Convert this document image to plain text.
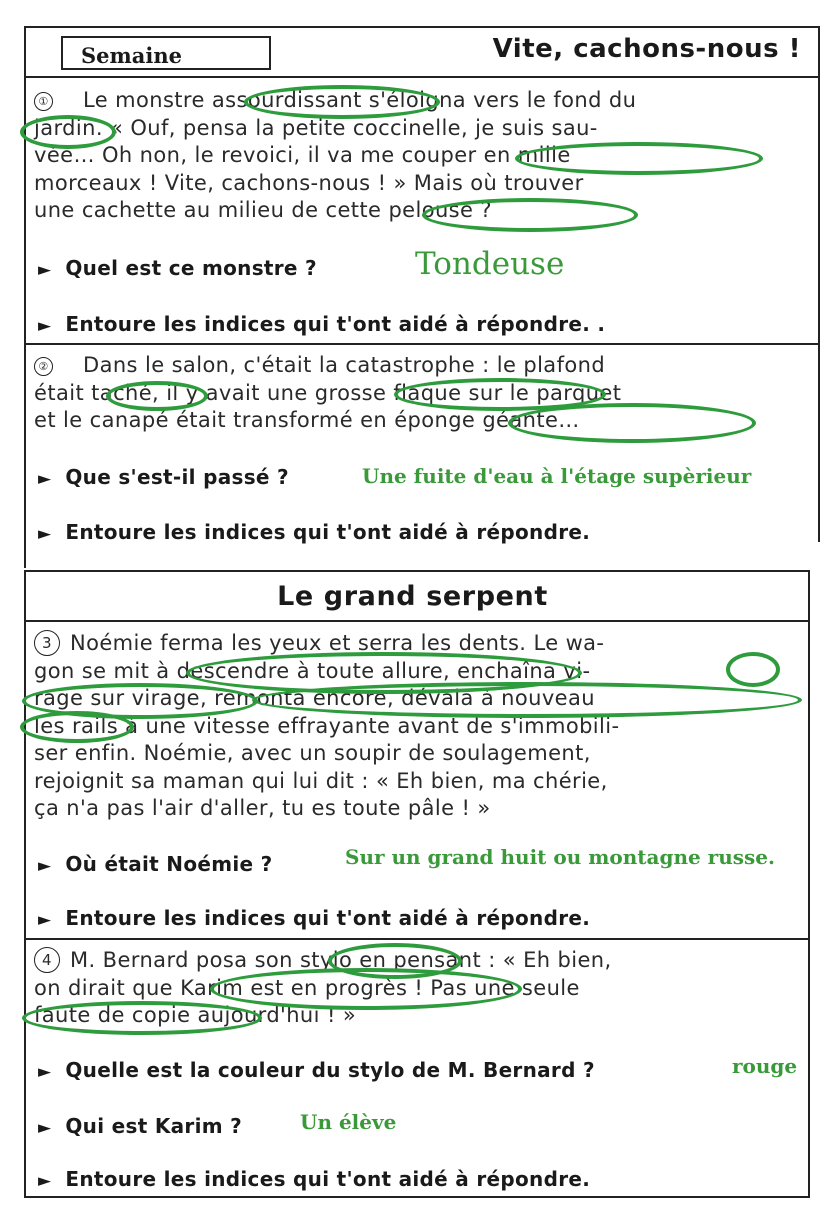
Semaine	Vite, cachons-nous !
① Le monstre assourdissant s'éloigna vers le fond du
jardin. « Ouf, pensa la petite coccinelle, je suis sau-
vée… Oh non, le revoici, il va me couper en mille
morceaux ! Vite, cachons-nous ! » Mais où trouver
une cachette au milieu de cette pelouse ?
► Quel est ce monstre ?	Tondeuse
► Entoure les indices qui t'ont aidé à répondre. .
② Dans le salon, c'était la catastrophe : le plafond
était taché, il y avait une grosse flaque sur le parquet
et le canapé était transformé en éponge géante…
► Que s'est-il passé ?	Une fuite d'eau à l'étage supèrieur
► Entoure les indices qui t'ont aidé à répondre.
Le grand serpent
3 Noémie ferma les yeux et serra les dents. Le wa-
gon se mit à descendre à toute allure, enchaîna vi-
rage sur virage, remonta encore, dévala à nouveau
les rails à une vitesse effrayante avant de s'immobili-
ser enfin. Noémie, avec un soupir de soulagement,
rejoignit sa maman qui lui dit : « Eh bien, ma chérie,
ça n'a pas l'air d'aller, tu es toute pâle ! »
► Où était Noémie ?	Sur un grand huit ou montagne russe.
► Entoure les indices qui t'ont aidé à répondre.
4 M. Bernard posa son stylo en pensant : « Eh bien,
on dirait que Karim est en progrès ! Pas une seule
faute de copie aujourd'hui ! »
► Quelle est la couleur du stylo de M. Bernard ?	rouge
► Qui est Karim ?	Un élève
► Entoure les indices qui t'ont aidé à répondre.
